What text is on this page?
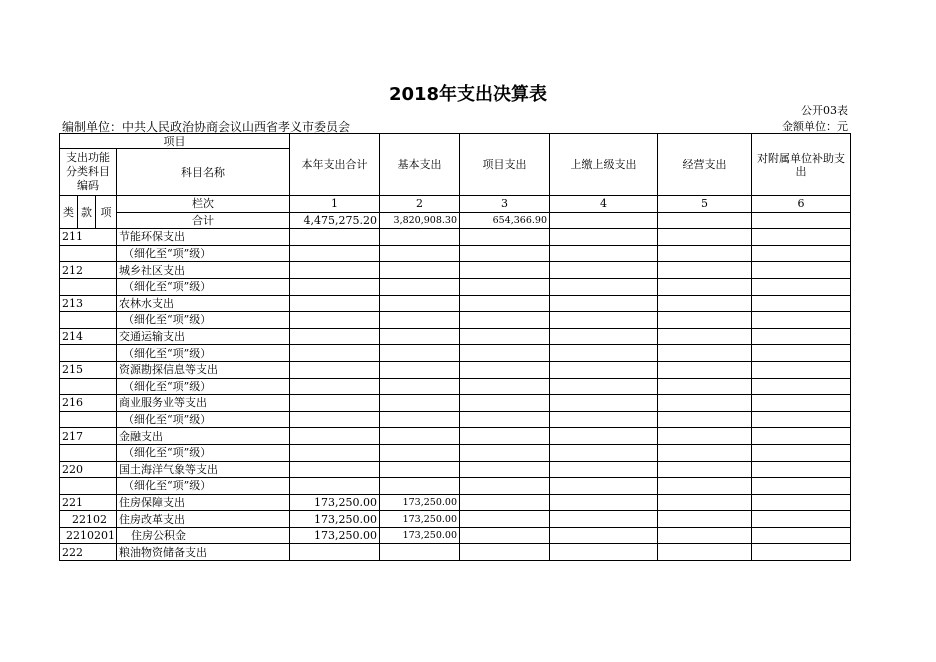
2018年支出决算表
公开03表
编制单位：中共人民政治协商会议山西省孝义市委员会	金额单位：元
项目				本年支出合计	基本支出	项目支出	上缴上级支出	经营支出	对附属单位补助支出
支出功能分类科目编码			科目名称						
类	款	项	栏次	1	2	3	4	5	6
			合计	4,475,275.20	3,820,908.30	654,366.90			
211			节能环保支出						
			（细化至“项”级）						
212			城乡社区支出						
			（细化至“项”级）						
213			农林水支出						
			（细化至“项”级）						
214			交通运输支出						
			（细化至“项”级）						
215			资源勘探信息等支出						
			（细化至“项”级）						
216			商业服务业等支出						
			（细化至“项”级）						
217			金融支出						
			（细化至“项”级）						
220			国土海洋气象等支出						
			（细化至“项”级）						
221			住房保障支出	173,250.00	173,250.00				
22102			住房改革支出	173,250.00	173,250.00				
2210201			住房公积金	173,250.00	173,250.00				
222			粮油物资储备支出						
